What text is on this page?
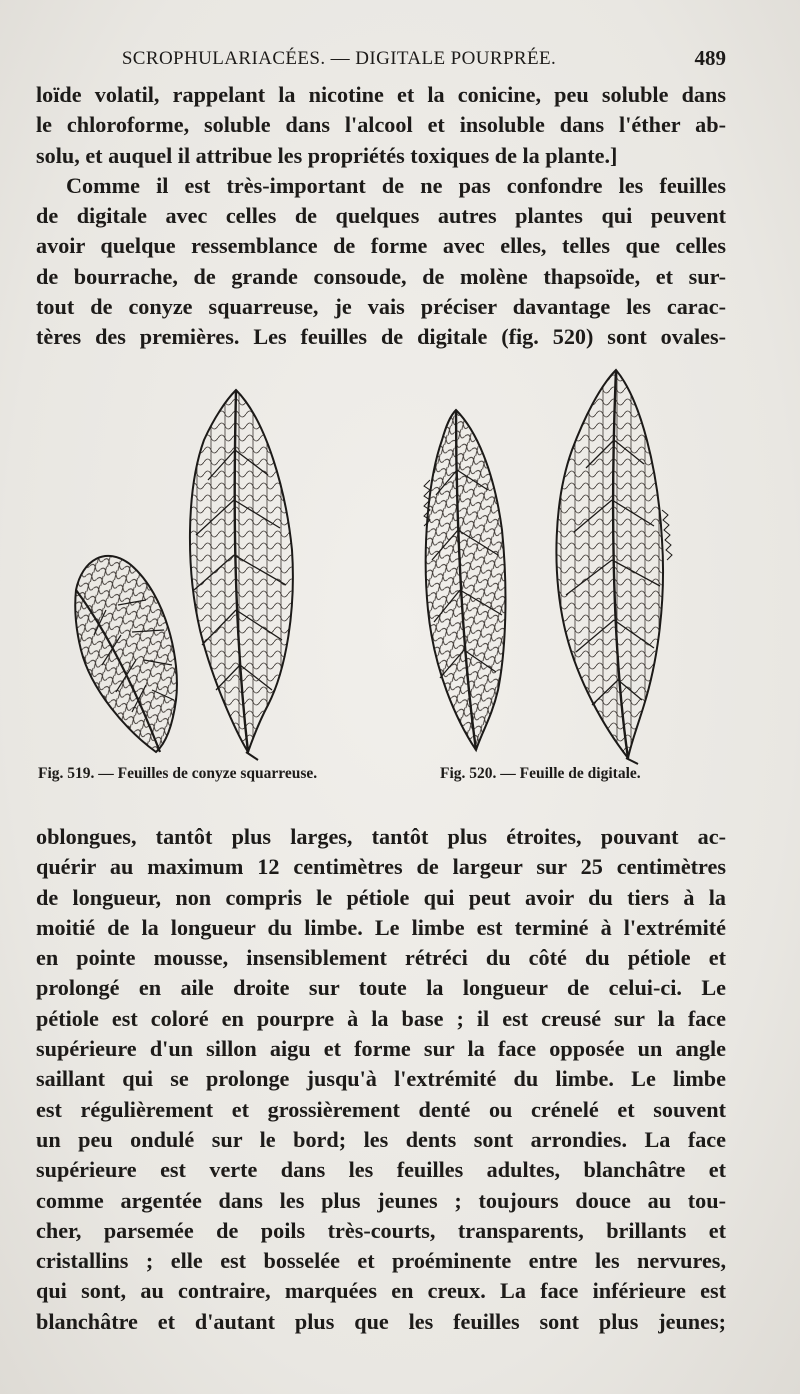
SCROPHULARIACÉES. — DIGITALE POURPRÉE.	489
loïde volatil, rappelant la nicotine et la conicine, peu soluble dans
le chloroforme, soluble dans l'alcool et insoluble dans l'éther ab-
solu, et auquel il attribue les propriétés toxiques de la plante.]
Comme il est très-important de ne pas confondre les feuilles
de digitale avec celles de quelques autres plantes qui peuvent
avoir quelque ressemblance de forme avec elles, telles que celles
de bourrache, de grande consoude, de molène thapsoïde, et sur-
tout de conyze squarreuse, je vais préciser davantage les carac-
tères des premières. Les feuilles de digitale (fig. 520) sont ovales-
Fig. 519. — Feuilles de conyze squarreuse.	Fig. 520. — Feuille de digitale.
oblongues, tantôt plus larges, tantôt plus étroites, pouvant ac-
quérir au maximum 12 centimètres de largeur sur 25 centimètres
de longueur, non compris le pétiole qui peut avoir du tiers à la
moitié de la longueur du limbe. Le limbe est terminé à l'extrémité
en pointe mousse, insensiblement rétréci du côté du pétiole et
prolongé en aile droite sur toute la longueur de celui-ci. Le
pétiole est coloré en pourpre à la base ; il est creusé sur la face
supérieure d'un sillon aigu et forme sur la face opposée un angle
saillant qui se prolonge jusqu'à l'extrémité du limbe. Le limbe
est régulièrement et grossièrement denté ou crénelé et souvent
un peu ondulé sur le bord; les dents sont arrondies. La face
supérieure est verte dans les feuilles adultes, blanchâtre et
comme argentée dans les plus jeunes ; toujours douce au tou-
cher, parsemée de poils très-courts, transparents, brillants et
cristallins ; elle est bosselée et proéminente entre les nervures,
qui sont, au contraire, marquées en creux. La face inférieure est
blanchâtre et d'autant plus que les feuilles sont plus jeunes;
